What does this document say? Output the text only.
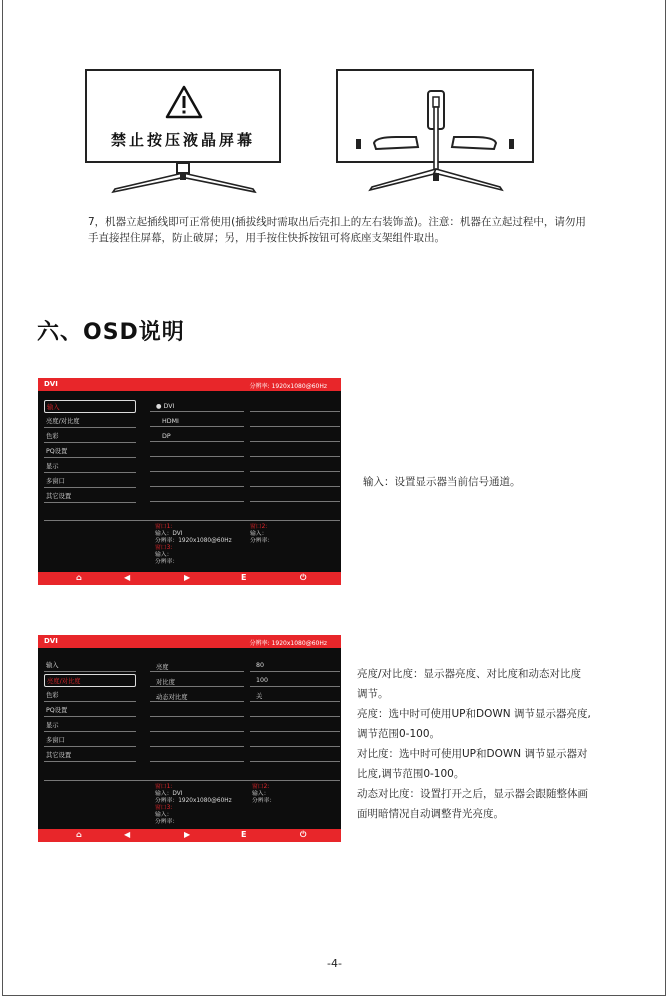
禁止按压液晶屏幕
7，机器立起插线即可正常使用(插拔线时需取出后壳扣上的左右装饰盖)。注意：机器在立起过程中，请勿用手直接捏住屏幕，防止破屏；另，用手按住快拆按钮可将底座支架组件取出。
六、OSD说明
DVI	分辨率: 1920x1080@60Hz
输入
亮度/对比度
色彩
PQ设置
显示
多窗口
其它设置
● DVI
HDMI
DP
窗口1:
输入：DVI
分辨率：1920x1080@60Hz
窗口3:
输入：
分辨率：
窗口2:
输入：
分辨率：
⌂	◀	▶	E	⏻
输入：设置显示器当前信号通道。
DVI	分辨率: 1920x1080@60Hz
输入
亮度/对比度
色彩
PQ设置
显示
多窗口
其它设置
亮度
对比度
动态对比度
80
100
关
窗口1:
输入：DVI
分辨率：1920x1080@60Hz
窗口3:
输入：
分辨率：
窗口2:
输入：
分辨率：
⌂	◀	▶	E	⏻
亮度/对比度：显示器亮度、对比度和动态对比度
调节。
亮度：选中时可使用UP和DOWN 调节显示器亮度,
调节范围0-100。
对比度：选中时可使用UP和DOWN 调节显示器对
比度,调节范围0-100。
动态对比度：设置打开之后，显示器会跟随整体画
面明暗情况自动调整背光亮度。
-4-
